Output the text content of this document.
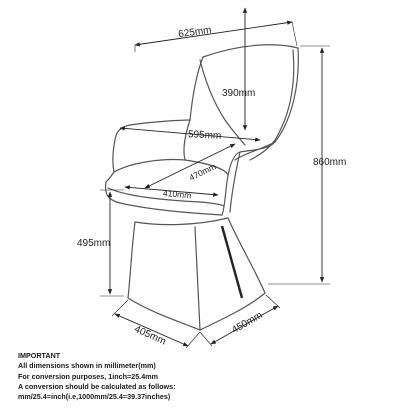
625mm
390mm
595mm
470mm
410mm
860mm
495mm
405mm	450mm
IMPORTANT
All dimensions shown in millimeter(mm)
For conversion purposes, 1inch=25.4mm
A conversion should be calculated as follows:
mm/25.4=inch(i.e,1000mm/25.4=39.37inches)
